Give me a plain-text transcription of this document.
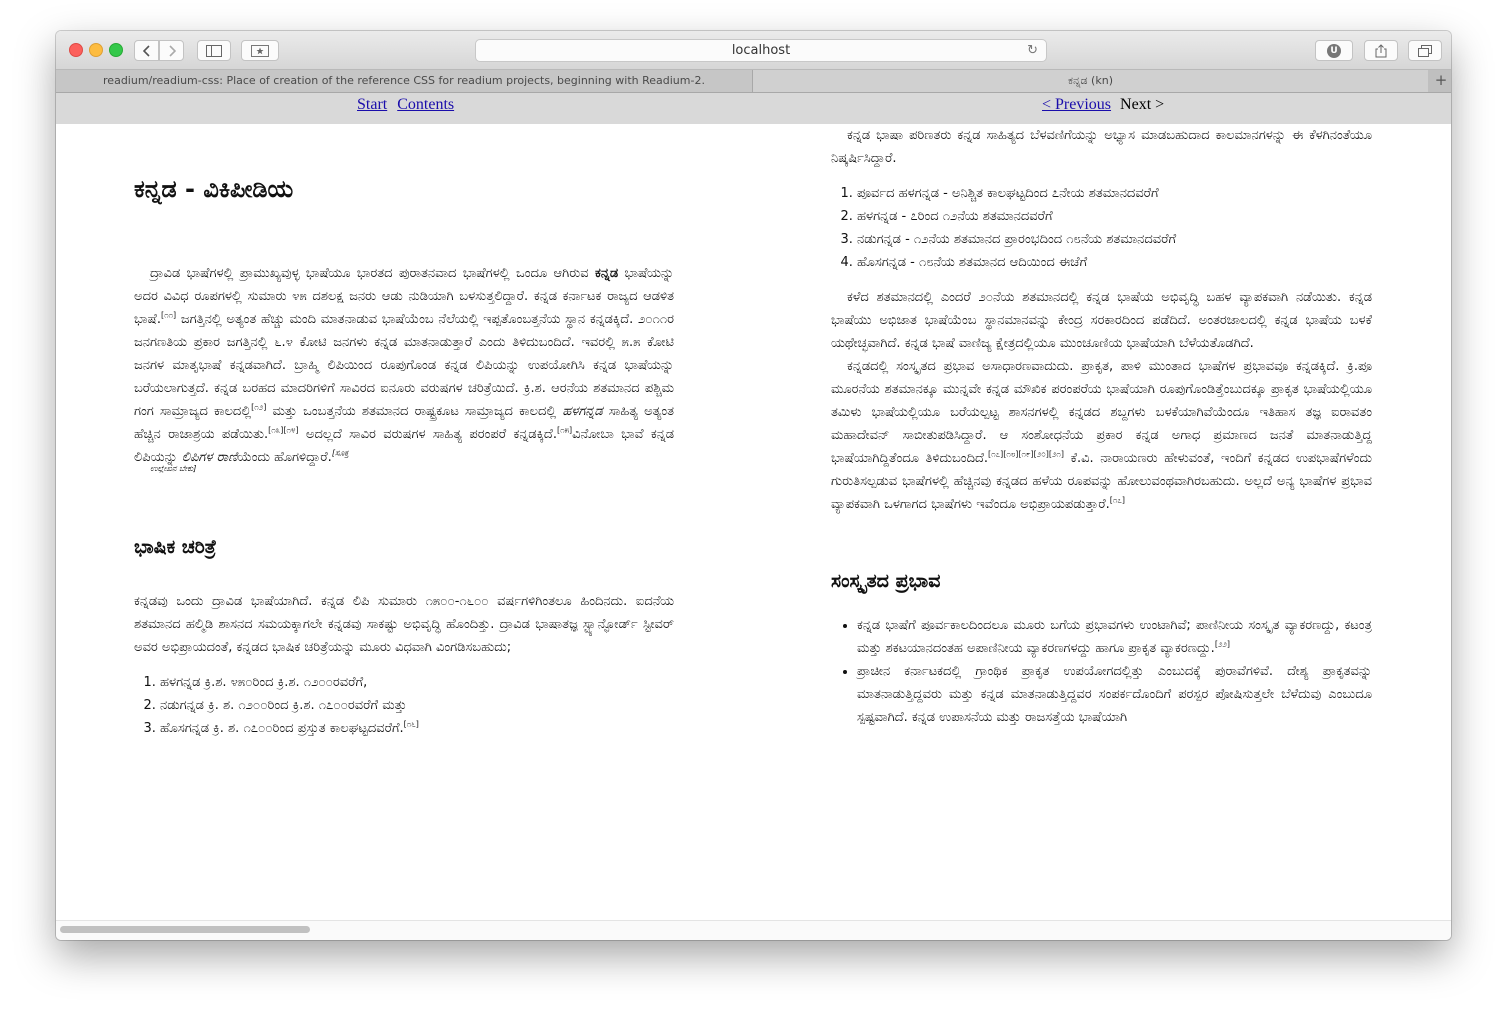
localhost	↻	U
readium/readium-css: Place of creation of the reference CSS for readium projects, beginning with Readium-2.	ಕನ್ನಡ (kn)	+
Start Contents	< Previous Next >
ಕನ್ನಡ - ವಿಕಿಪೀಡಿಯ

ದ್ರಾವಿಡ ಭಾಷೆಗಳಲ್ಲಿ ಪ್ರಾಮುಖ್ಯವುಳ್ಳ ಭಾಷೆಯೂ ಭಾರತದ ಪುರಾತನವಾದ ಭಾಷೆಗಳಲ್ಲಿ ಒಂದೂ ಆಗಿರುವ ಕನ್ನಡ ಭಾಷೆಯನ್ನು ಅದರ ವಿವಿಧ ರೂಪಗಳಲ್ಲಿ ಸುಮಾರು ೪೫ ದಶಲಕ್ಷ ಜನರು ಆಡು ನುಡಿಯಾಗಿ ಬಳಸುತ್ತಲಿದ್ದಾರೆ. ಕನ್ನಡ ಕರ್ನಾಟಕ ರಾಜ್ಯದ ಆಡಳಿತ ಭಾಷೆ.[೧೧] ಜಗತ್ತಿನಲ್ಲಿ ಅತ್ಯಂತ ಹೆಚ್ಚು ಮಂದಿ ಮಾತನಾಡುವ ಭಾಷೆಯೆಂಬ ನೆಲೆಯಲ್ಲಿ ಇಪ್ಪತೊಂಬತ್ತನೆಯ ಸ್ಥಾನ ಕನ್ನಡಕ್ಕಿದೆ. ೨೦೧೧ರ ಜನಗಣತಿಯ ಪ್ರಕಾರ ಜಗತ್ತಿನಲ್ಲಿ ೬.೪ ಕೋಟಿ ಜನಗಳು ಕನ್ನಡ ಮಾತನಾಡುತ್ತಾರೆ ಎಂದು ತಿಳಿದುಬಂದಿದೆ. ಇವರಲ್ಲಿ ೫.೫ ಕೋಟಿ ಜನಗಳ ಮಾತೃಭಾಷೆ ಕನ್ನಡವಾಗಿದೆ. ಬ್ರಾಹ್ಮಿ ಲಿಪಿಯಿಂದ ರೂಪುಗೊಂಡ ಕನ್ನಡ ಲಿಪಿಯನ್ನು ಉಪಯೋಗಿಸಿ ಕನ್ನಡ ಭಾಷೆಯನ್ನು ಬರೆಯಲಾಗುತ್ತದೆ. ಕನ್ನಡ ಬರಹದ ಮಾದರಿಗಳಿಗೆ ಸಾವಿರದ ಐನೂರು ವರುಷಗಳ ಚರಿತ್ರೆಯಿದೆ. ಕ್ರಿ.ಶ. ಆರನೆಯ ಶತಮಾನದ ಪಶ್ಚಿಮ ಗಂಗ ಸಾಮ್ರಾಜ್ಯದ ಕಾಲದಲ್ಲಿ[೧೨] ಮತ್ತು ಒಂಬತ್ತನೆಯ ಶತಮಾನದ ರಾಷ್ಟ್ರಕೂಟ ಸಾಮ್ರಾಜ್ಯದ ಕಾಲದಲ್ಲಿ ಹಳಗನ್ನಡ ಸಾಹಿತ್ಯ ಅತ್ಯಂತ ಹೆಚ್ಚಿನ ರಾಜಾಶ್ರಯ ಪಡೆಯಿತು.[೧೩][೧೪] ಅದಲ್ಲದೆ ಸಾವಿರ ವರುಷಗಳ ಸಾಹಿತ್ಯ ಪರಂಪರೆ ಕನ್ನಡಕ್ಕಿದೆ.[೧೫]ವಿನೋಬಾ ಭಾವೆ ಕನ್ನಡ ಲಿಪಿಯನ್ನು ಲಿಪಿಗಳ ರಾಣಿಯೆಂದು ಹೊಗಳಿದ್ದಾರೆ.$^{[ಸೂಕ್ತ}$
ಉಲ್ಲೇಖನ ಬೇಕು]

ಭಾಷಿಕ ಚರಿತ್ರೆ

ಕನ್ನಡವು ಒಂದು ದ್ರಾವಿಡ ಭಾಷೆಯಾಗಿದೆ. ಕನ್ನಡ ಲಿಪಿ ಸುಮಾರು ೧೫೦೦-೧೬೦೦ ವರ್ಷಗಳಿಗಿಂತಲೂ ಹಿಂದಿನದು. ಐದನೆಯ ಶತಮಾನದ ಹಲ್ಮಿಡಿ ಶಾಸನದ ಸಮಯಕ್ಕಾಗಲೇ ಕನ್ನಡವು ಸಾಕಷ್ಟು ಅಭಿವೃದ್ಧಿ ಹೊಂದಿತ್ತು. ದ್ರಾವಿಡ ಭಾಷಾತಜ್ಞ ಸ್ಟ್ಯಾನ್ಫೋರ್ಡ್ ಸ್ಟೀವರ್ ಅವರ ಅಭಿಪ್ರಾಯದಂತೆ, ಕನ್ನಡದ ಭಾಷಿಕ ಚರಿತ್ರೆಯನ್ನು ಮೂರು ವಿಧವಾಗಿ ವಿಂಗಡಿಸಬಹುದು;

1. ಹಳಗನ್ನಡ ಕ್ರಿ.ಶ. ೪೫೦ರಿಂದ ಕ್ರಿ.ಶ. ೧೨೦೦ರವರೆಗೆ,
2. ನಡುಗನ್ನಡ ಕ್ರಿ. ಶ. ೧೨೦೦ರಿಂದ ಕ್ರಿ.ಶ. ೧೭೦೦ರವರೆಗೆ ಮತ್ತು
3. ಹೊಸಗನ್ನಡ ಕ್ರಿ. ಶ. ೧೭೦೦ರಿಂದ ಪ್ರಸ್ತುತ ಕಾಲಘಟ್ಟದವರೆಗೆ.[೧೬]

ಕನ್ನಡ ಭಾಷಾ ಪರಿಣತರು ಕನ್ನಡ ಸಾಹಿತ್ಯದ ಬೆಳವಣಿಗೆಯನ್ನು ಅಭ್ಯಾಸ ಮಾಡಬಹುದಾದ ಕಾಲಮಾನಗಳನ್ನು ಈ ಕೆಳಗಿನಂತೆಯೂ ನಿಷ್ಕರ್ಷಿಸಿದ್ದಾರೆ.

1. ಪೂರ್ವದ ಹಳಗನ್ನಡ - ಅನಿಶ್ಚಿತ ಕಾಲಘಟ್ಟದಿಂದ ೭ನೇಯ ಶತಮಾನದವರೆಗೆ
2. ಹಳಗನ್ನಡ - ೭ರಿಂದ ೧೨ನೆಯ ಶತಮಾನದವರೆಗೆ
3. ನಡುಗನ್ನಡ - ೧೨ನೆಯ ಶತಮಾನದ ಪ್ರಾರಂಭದಿಂದ ೧೮ನೆಯ ಶತಮಾನದವರೆಗೆ
4. ಹೊಸಗನ್ನಡ - ೧೮ನೆಯ ಶತಮಾನದ ಆದಿಯಿಂದ ಈಚೆಗೆ

ಕಳೆದ ಶತಮಾನದಲ್ಲಿ ಎಂದರೆ ೨೦ನೆಯ ಶತಮಾನದಲ್ಲಿ ಕನ್ನಡ ಭಾಷೆಯ ಅಭಿವೃದ್ಧಿ ಬಹಳ ವ್ಯಾಪಕವಾಗಿ ನಡೆಯಿತು. ಕನ್ನಡ ಭಾಷೆಯು ಅಭಿಜಾತ ಭಾಷೆಯೆಂಬ ಸ್ಥಾನಮಾನವನ್ನು ಕೇಂದ್ರ ಸರಕಾರದಿಂದ ಪಡೆದಿದೆ. ಅಂತರಜಾಲದಲ್ಲಿ ಕನ್ನಡ ಭಾಷೆಯ ಬಳಕೆ ಯಥೇಚ್ಛವಾಗಿದೆ. ಕನ್ನಡ ಭಾಷೆ ವಾಣಿಜ್ಯ ಕ್ಷೇತ್ರದಲ್ಲಿಯೂ ಮುಂಚೂಣಿಯ ಭಾಷೆಯಾಗಿ ಬೆಳೆಯತೊಡಗಿದೆ.

ಕನ್ನಡದಲ್ಲಿ ಸಂಸ್ಕೃತದ ಪ್ರಭಾವ ಅಸಾಧಾರಣವಾದುದು. ಪ್ರಾಕೃತ, ಪಾಳಿ ಮುಂತಾದ ಭಾಷೆಗಳ ಪ್ರಭಾವವೂ ಕನ್ನಡಕ್ಕಿದೆ. ಕ್ರಿ.ಪೂ ಮೂರನೆಯ ಶತಮಾನಕ್ಕೂ ಮುನ್ನವೇ ಕನ್ನಡ ಮೌಖಿಕ ಪರಂಪರೆಯ ಭಾಷೆಯಾಗಿ ರೂಪುಗೊಂಡಿತ್ತೆಂಬುದಕ್ಕೂ ಪ್ರಾಕೃತ ಭಾಷೆಯಲ್ಲಿಯೂ ತಮಿಳು ಭಾಷೆಯಲ್ಲಿಯೂ ಬರೆಯಲ್ಪಟ್ಟ ಶಾಸನಗಳಲ್ಲಿ ಕನ್ನಡದ ಶಬ್ದಗಳು ಬಳಕೆಯಾಗಿವೆಯೆಂದೂ ಇತಿಹಾಸ ತಜ್ಞ ಐರಾವತಂ ಮಹಾದೇವನ್ ಸಾಬೀತುಪಡಿಸಿದ್ದಾರೆ. ಆ ಸಂಶೋಧನೆಯ ಪ್ರಕಾರ ಕನ್ನಡ ಅಗಾಧ ಪ್ರಮಾಣದ ಜನತೆ ಮಾತನಾಡುತ್ತಿದ್ದ ಭಾಷೆಯಾಗಿದ್ದಿತೆಂದೂ ತಿಳಿದುಬಂದಿದೆ.[೧೭][೧೮][೧೯][೨೦][೨೧] ಕೆ.ವಿ. ನಾರಾಯಣರು ಹೇಳುವಂತೆ, ಇಂದಿಗೆ ಕನ್ನಡದ ಉಪಭಾಷೆಗಳೆಂದು ಗುರುತಿಸಲ್ಪಡುವ ಭಾಷೆಗಳಲ್ಲಿ ಹೆಚ್ಚಿನವು ಕನ್ನಡದ ಹಳೆಯ ರೂಪವನ್ನು ಹೋಲುವಂಥವಾಗಿರಬಹುದು. ಅಲ್ಲದೆ ಅನ್ಯ ಭಾಷೆಗಳ ಪ್ರಭಾವ ವ್ಯಾಪಕವಾಗಿ ಒಳಗಾಗದ ಭಾಷೆಗಳು ಇವೆಂದೂ ಅಭಿಪ್ರಾಯಪಡುತ್ತಾರೆ.[೧೭]

ಸಂಸ್ಕೃತದ ಪ್ರಭಾವ
• ಕನ್ನಡ ಭಾಷೆಗೆ ಪೂರ್ವಕಾಲದಿಂದಲೂ ಮೂರು ಬಗೆಯ ಪ್ರಭಾವಗಳು ಉಂಟಾಗಿವೆ; ಪಾಣಿನೀಯ ಸಂಸ್ಕೃತ ವ್ಯಾಕರಣದ್ದು, ಕಟಂತ್ರ ಮತ್ತು ಶಕಟಯಾನದಂತಹ ಅಪಾಣಿನೀಯ ವ್ಯಾಕರಣಗಳದ್ದು ಹಾಗೂ ಪ್ರಾಕೃತ ವ್ಯಾಕರಣದ್ದು.[೨೨]
• ಪ್ರಾಚೀನ ಕರ್ನಾಟಕದಲ್ಲಿ ಗ್ರಾಂಥಿಕ ಪ್ರಾಕೃತ ಉಪಯೋಗದಲ್ಲಿತ್ತು ಎಂಬುದಕ್ಕೆ ಪುರಾವೆಗಳಿವೆ. ದೇಶ್ಯ ಪ್ರಾಕೃತವನ್ನು ಮಾತನಾಡುತ್ತಿದ್ದವರು ಮತ್ತು ಕನ್ನಡ ಮಾತನಾಡುತ್ತಿದ್ದವರ ಸಂಪರ್ಕದೊಂದಿಗೆ ಪರಸ್ಪರ ಪೋಷಿಸುತ್ತಲೇ ಬೆಳೆದುವು ಎಂಬುದೂ ಸ್ಪಷ್ಟವಾಗಿದೆ. ಕನ್ನಡ ಉಪಾಸನೆಯ ಮತ್ತು ರಾಜಸತ್ತೆಯ ಭಾಷೆಯಾಗಿ
